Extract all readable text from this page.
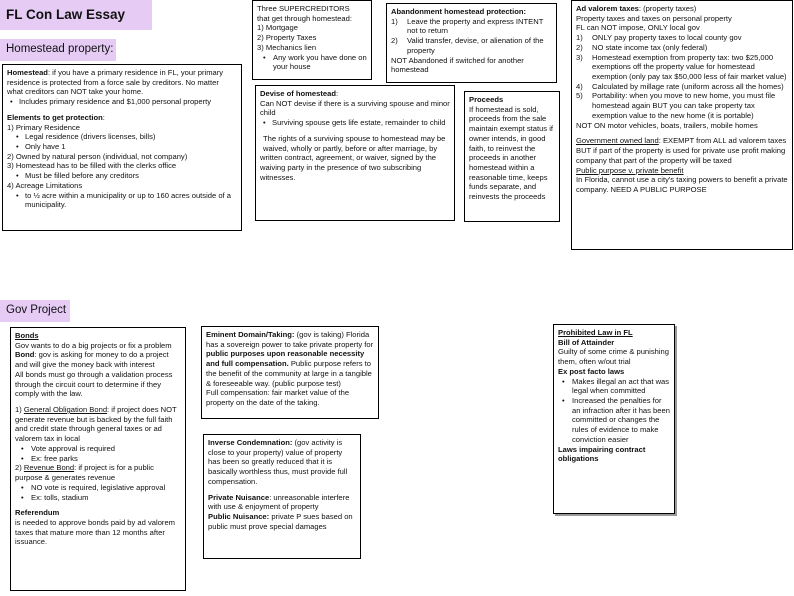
FL Con Law Essay
Homestead property:
Gov Project

Homestead: if you have a primary residence in FL, your primary residence is protected from a force sale by creditors. No matter what creditors can NOT take your home.

• Includes primary residence and $1,000 personal property

Elements to get protection:

1) Primary Residence

• Legal residence (drivers licenses, bills)
• Only have 1

2) Owned by natural person (individual, not company)

3) Homestead has to be filled with the clerks office

• Must be filled before any creditors

4) Acreage Limitations

• to ½ acre within a municipality or up to 160 acres outside of a municipality.

Three SUPERCREDITORS

that get through homestead:

1) Mortgage

2) Property Taxes

3) Mechanics lien

• Any work you have done on your house

Abandonment homestead protection:

1)	Leave the property and express INTENT not to return
2)	Valid transfer, devise, or alienation of the property

NOT Abandoned if switched for another homestead

Devise of homestead:

Can NOT devise if there is a surviving spouse and minor child

• Surviving spouse gets life estate, remainder to child

The rights of a surviving spouse to homestead may be waived, wholly or partly, before or after marriage, by

written contract, agreement, or waiver, signed by the waiving party in the presence of two subscribing witnesses.

Proceeds

If homestead is sold, proceeds from the sale maintain exempt status if owner intends, in good faith, to reinvest the proceeds in another homestead within a reasonable time, keeps funds separate, and reinvests the proceeds

Ad valorem taxes: (property taxes)

Property taxes and taxes on personal property

FL can NOT impose, ONLY local gov

1)	ONLY pay property taxes to local county gov
2)	NO state income tax (only federal)
3)	Homestead exemption from property tax: two $25,000 exemptions off the property value for homestead exemption (only pay tax $50,000 less of fair market value)
4)	Calculated by millage rate (uniform across all the homes)
5)	Portability: when you move to new home, you must file homestead again BUT you can take property tax exemption value to the new home (it is portable)

NOT ON motor vehicles, boats, trailers, mobile homes

Government owned land: EXEMPT from ALL ad valorem taxes BUT if part of the property is used for private use profit making company that part of the property will be taxed

Public purpose v. private benefit

In Florida, cannot use a city's taxing powers to benefit a private company. NEED A PUBLIC PURPOSE

Bonds

Gov wants to do a big projects or fix a problem

Bond: gov is asking for money to do a project and will give the money back with interest

All bonds must go through a validation process through the circuit court to determine if they comply with the law.

1) General Obligation Bond: if project does NOT generate revenue but is backed by the full faith and credit state through general taxes or ad valorem tax in local

• Vote approval is required
• Ex: free parks

2) Revenue Bond: if project is for a public purpose & generates revenue

• NO vote is required, legislative approval
• Ex: tolls, stadium

Referendum

is needed to approve bonds paid by ad valorem taxes that mature more than 12 months after issuance.

Eminent Domain/Taking: (gov is taking) Florida has a sovereign power to take private property for public purposes upon reasonable necessity and full compensation. Public purpose refers to the benefit of the community at large in a tangible & foreseeable way. (public purpose test)

Full compensation: fair market value of the property on the date of the taking.

Inverse Condemnation: (gov activity is close to your property) value of property has been so greatly reduced that it is basically worthless thus, must provide full compensation.

Private Nuisance: unreasonable interfere with use & enjoyment of property

Public Nuisance: private P sues based on public must prove special damages

Prohibited Law in FL

Bill of Attainder

Guilty of some crime & punishing them, often w/out trial

Ex post facto laws

• Makes illegal an act that was legal when committed
• Increased the penalties for an infraction after it has been committed or changes the rules of evidence to make conviction easier

Laws impairing contract obligations
